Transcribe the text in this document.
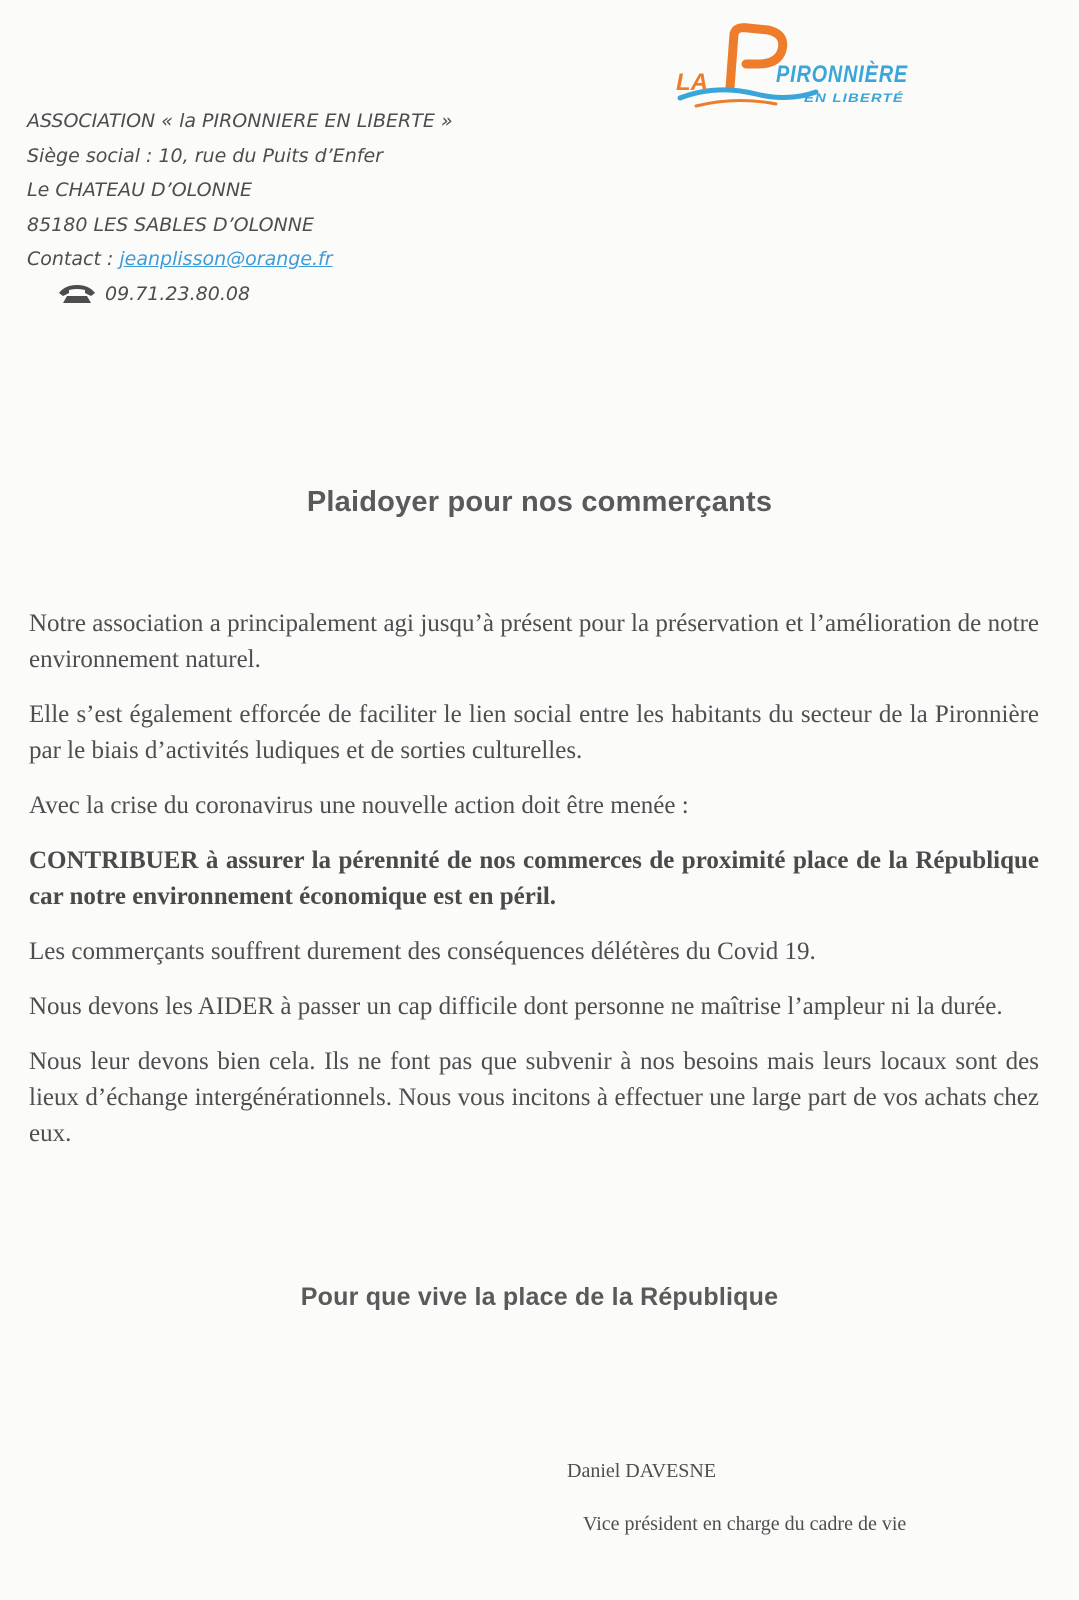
LA	PIRONNIÈRE
EN LIBERTÉ
ASSOCIATION « la PIRONNIERE EN LIBERTE »
Siège social : 10, rue du Puits d’Enfer
Le CHATEAU D’OLONNE
85180 LES SABLES D’OLONNE
Contact : jeanplisson@orange.fr
09.71.23.80.08
Plaidoyer pour nos commerçants

Notre association a principalement agi jusqu’à présent pour la préservation et l’amélioration de notre environnement naturel.

Elle s’est également efforcée de faciliter le lien social entre les habitants du secteur de la Pironnière par le biais d’activités ludiques et de sorties culturelles.

Avec la crise du coronavirus une nouvelle action doit être menée :

CONTRIBUER à assurer la pérennité de nos commerces de proximité place de la République car notre environnement économique est en péril.

Les commerçants souffrent durement des conséquences délétères du Covid 19.

Nous devons les AIDER à passer un cap difficile dont personne ne maîtrise l’ampleur ni la durée.

Nous leur devons bien cela. Ils ne font pas que subvenir à nos besoins mais leurs locaux sont des lieux d’échange intergénérationnels. Nous vous incitons à effectuer une large part de vos achats chez eux.

Pour que vive la place de la République
Daniel DAVESNE
Vice président en charge du cadre de vie
